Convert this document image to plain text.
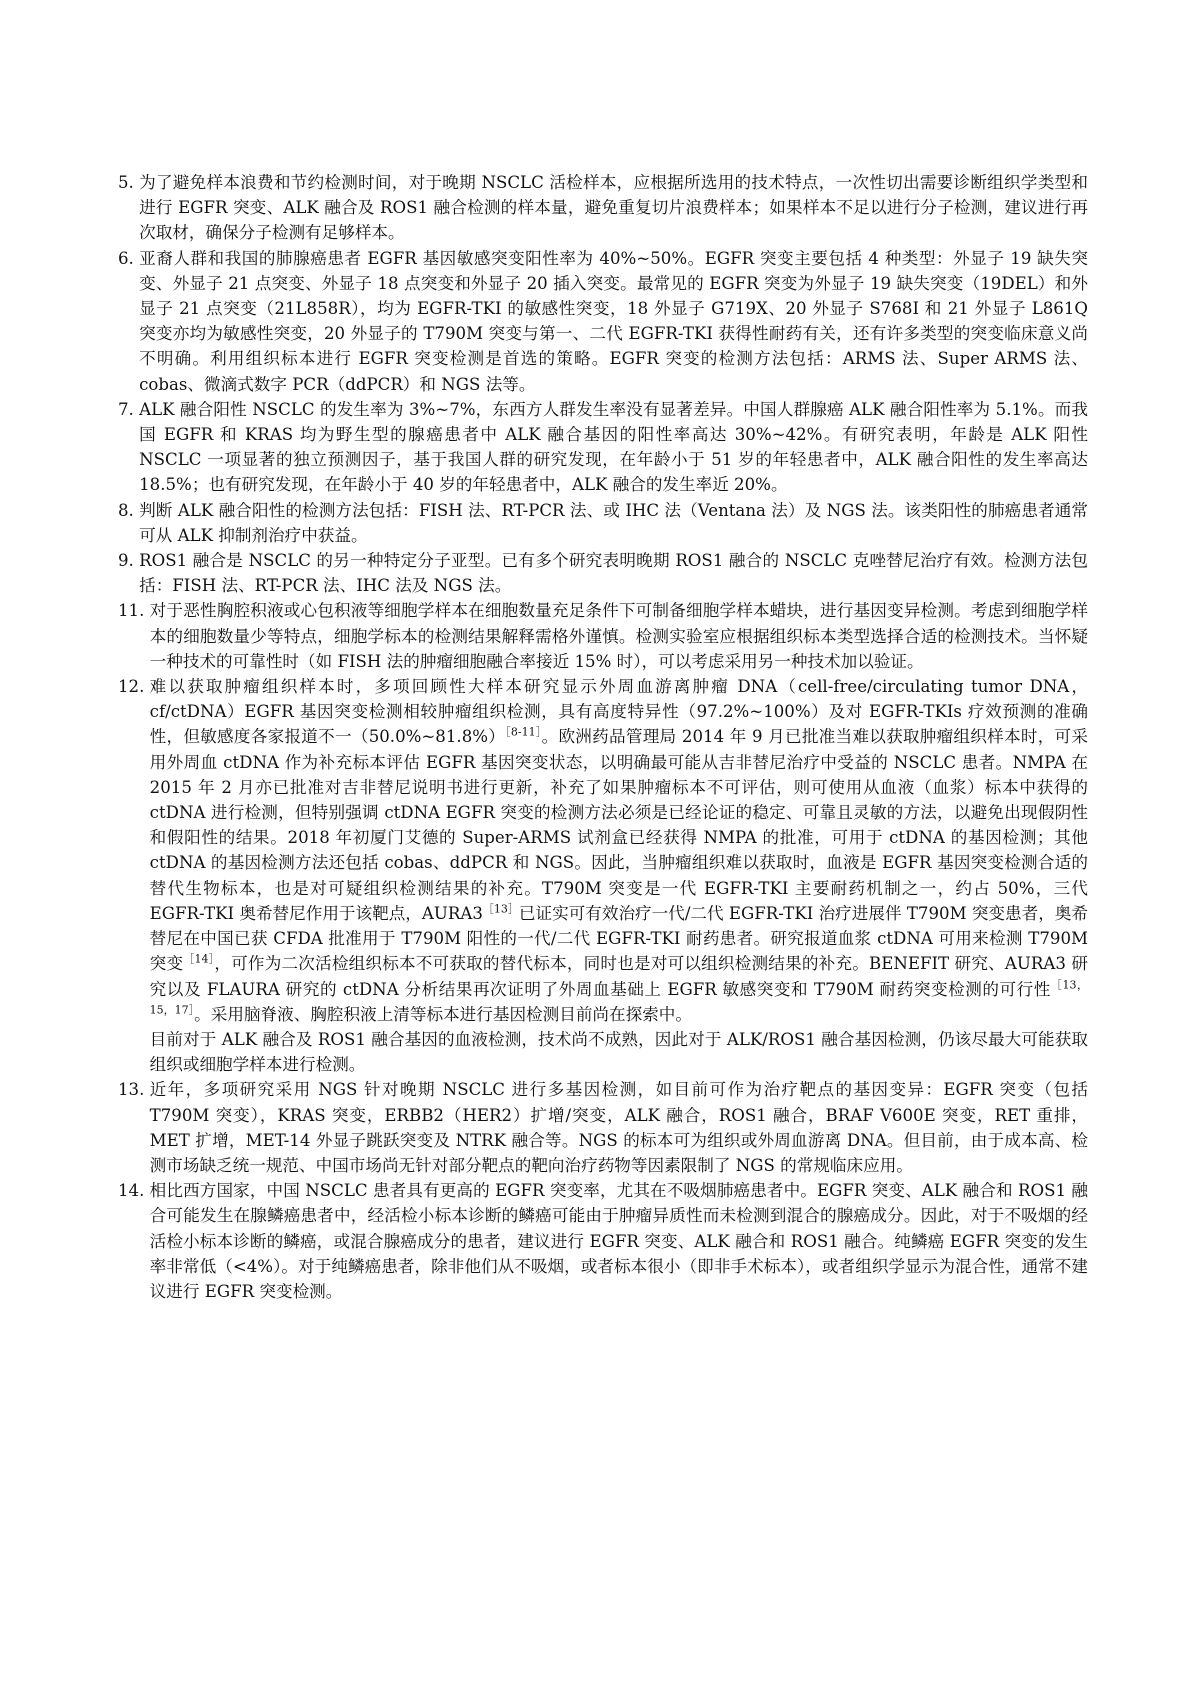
5. 为了避免样本浪费和节约检测时间，对于晚期 NSCLC 活检样本，应根据所选用的技术特点，一次性切出需要诊断组织学类型和进行 EGFR 突变、ALK 融合及 ROS1 融合检测的样本量，避免重复切片浪费样本；如果样本不足以进行分子检测，建议进行再次取材，确保分子检测有足够样本。

6. 亚裔人群和我国的肺腺癌患者 EGFR 基因敏感突变阳性率为 40%~50%。EGFR 突变主要包括 4 种类型：外显子 19 缺失突变、外显子 21 点突变、外显子 18 点突变和外显子 20 插入突变。最常见的 EGFR 突变为外显子 19 缺失突变（19DEL）和外显子 21 点突变（21L858R），均为 EGFR-TKI 的敏感性突变，18 外显子 G719X、20 外显子 S768I 和 21 外显子 L861Q 突变亦均为敏感性突变，20 外显子的 T790M 突变与第一、二代 EGFR-TKI 获得性耐药有关，还有许多类型的突变临床意义尚不明确。利用组织标本进行 EGFR 突变检测是首选的策略。EGFR 突变的检测方法包括：ARMS 法、Super ARMS 法、cobas、微滴式数字 PCR（ddPCR）和 NGS 法等。

7. ALK 融合阳性 NSCLC 的发生率为 3%~7%，东西方人群发生率没有显著差异。中国人群腺癌 ALK 融合阳性率为 5.1%。而我国 EGFR 和 KRAS 均为野生型的腺癌患者中 ALK 融合基因的阳性率高达 30%~42%。有研究表明，年龄是 ALK 阳性 NSCLC 一项显著的独立预测因子，基于我国人群的研究发现，在年龄小于 51 岁的年轻患者中，ALK 融合阳性的发生率高达 18.5%；也有研究发现，在年龄小于 40 岁的年轻患者中，ALK 融合的发生率近 20%。

8. 判断 ALK 融合阳性的检测方法包括：FISH 法、RT-PCR 法、或 IHC 法（Ventana 法）及 NGS 法。该类阳性的肺癌患者通常可从 ALK 抑制剂治疗中获益。

9. ROS1 融合是 NSCLC 的另一种特定分子亚型。已有多个研究表明晚期 ROS1 融合的 NSCLC 克唑替尼治疗有效。检测方法包括：FISH 法、RT-PCR 法、IHC 法及 NGS 法。

11. 对于恶性胸腔积液或心包积液等细胞学样本在细胞数量充足条件下可制备细胞学样本蜡块，进行基因变异检测。考虑到细胞学样本的细胞数量少等特点，细胞学标本的检测结果解释需格外谨慎。检测实验室应根据组织标本类型选择合适的检测技术。当怀疑一种技术的可靠性时（如 FISH 法的肿瘤细胞融合率接近 15% 时），可以考虑采用另一种技术加以验证。

12. 难以获取肿瘤组织样本时，多项回顾性大样本研究显示外周血游离肿瘤 DNA（cell-free/circulating tumor DNA，cf/ctDNA）EGFR 基因突变检测相较肿瘤组织检测，具有高度特异性（97.2%~100%）及对 EGFR-TKIs 疗效预测的准确性，但敏感度各家报道不一（50.0%~81.8%）$^{[8-11]}$。欧洲药品管理局 2014 年 9 月已批准当难以获取肿瘤组织样本时，可采用外周血 ctDNA 作为补充标本评估 EGFR 基因突变状态，以明确最可能从吉非替尼治疗中受益的 NSCLC 患者。NMPA 在 2015 年 2 月亦已批准对吉非替尼说明书进行更新，补充了如果肿瘤标本不可评估，则可使用从血液（血浆）标本中获得的 ctDNA 进行检测，但特别强调 ctDNA EGFR 突变的检测方法必须是已经论证的稳定、可靠且灵敏的方法，以避免出现假阴性和假阳性的结果。2018 年初厦门艾德的 Super-ARMS 试剂盒已经获得 NMPA 的批准，可用于 ctDNA 的基因检测；其他 ctDNA 的基因检测方法还包括 cobas、ddPCR 和 NGS。因此，当肿瘤组织难以获取时，血液是 EGFR 基因突变检测合适的替代生物标本，也是对可疑组织检测结果的补充。T790M 突变是一代 EGFR-TKI 主要耐药机制之一，约占 50%，三代 EGFR-TKI 奥希替尼作用于该靶点，AURA3$^{[13]}$已证实可有效治疗一代/二代 EGFR-TKI 治疗进展伴 T790M 突变患者，奥希替尼在中国已获 CFDA 批准用于 T790M 阳性的一代/二代 EGFR-TKI 耐药患者。研究报道血浆 ctDNA 可用来检测 T790M 突变$^{[14]}$，可作为二次活检组织标本不可获取的替代标本，同时也是对可以组织检测结果的补充。BENEFIT 研究、AURA3 研究以及 FLAURA 研究的 ctDNA 分析结果再次证明了外周血基础上 EGFR 敏感突变和 T790M 耐药突变检测的可行性$^{[13,15,17]}$。采用脑脊液、胸腔积液上清等标本进行基因检测目前尚在探索中。

目前对于 ALK 融合及 ROS1 融合基因的血液检测，技术尚不成熟，因此对于 ALK/ROS1 融合基因检测，仍该尽最大可能获取组织或细胞学样本进行检测。

13. 近年，多项研究采用 NGS 针对晚期 NSCLC 进行多基因检测，如目前可作为治疗靶点的基因变异：EGFR 突变（包括 T790M 突变），KRAS 突变，ERBB2（HER2）扩增/突变，ALK 融合，ROS1 融合，BRAF V600E 突变，RET 重排，MET 扩增，MET-14 外显子跳跃突变及 NTRK 融合等。NGS 的标本可为组织或外周血游离 DNA。但目前，由于成本高、检测市场缺乏统一规范、中国市场尚无针对部分靶点的靶向治疗药物等因素限制了 NGS 的常规临床应用。

14. 相比西方国家，中国 NSCLC 患者具有更高的 EGFR 突变率，尤其在不吸烟肺癌患者中。EGFR 突变、ALK 融合和 ROS1 融合可能发生在腺鳞癌患者中，经活检小标本诊断的鳞癌可能由于肿瘤异质性而未检测到混合的腺癌成分。因此，对于不吸烟的经活检小标本诊断的鳞癌，或混合腺癌成分的患者，建议进行 EGFR 突变、ALK 融合和 ROS1 融合。纯鳞癌 EGFR 突变的发生率非常低（<4%）。对于纯鳞癌患者，除非他们从不吸烟，或者标本很小（即非手术标本），或者组织学显示为混合性，通常不建议进行 EGFR 突变检测。
